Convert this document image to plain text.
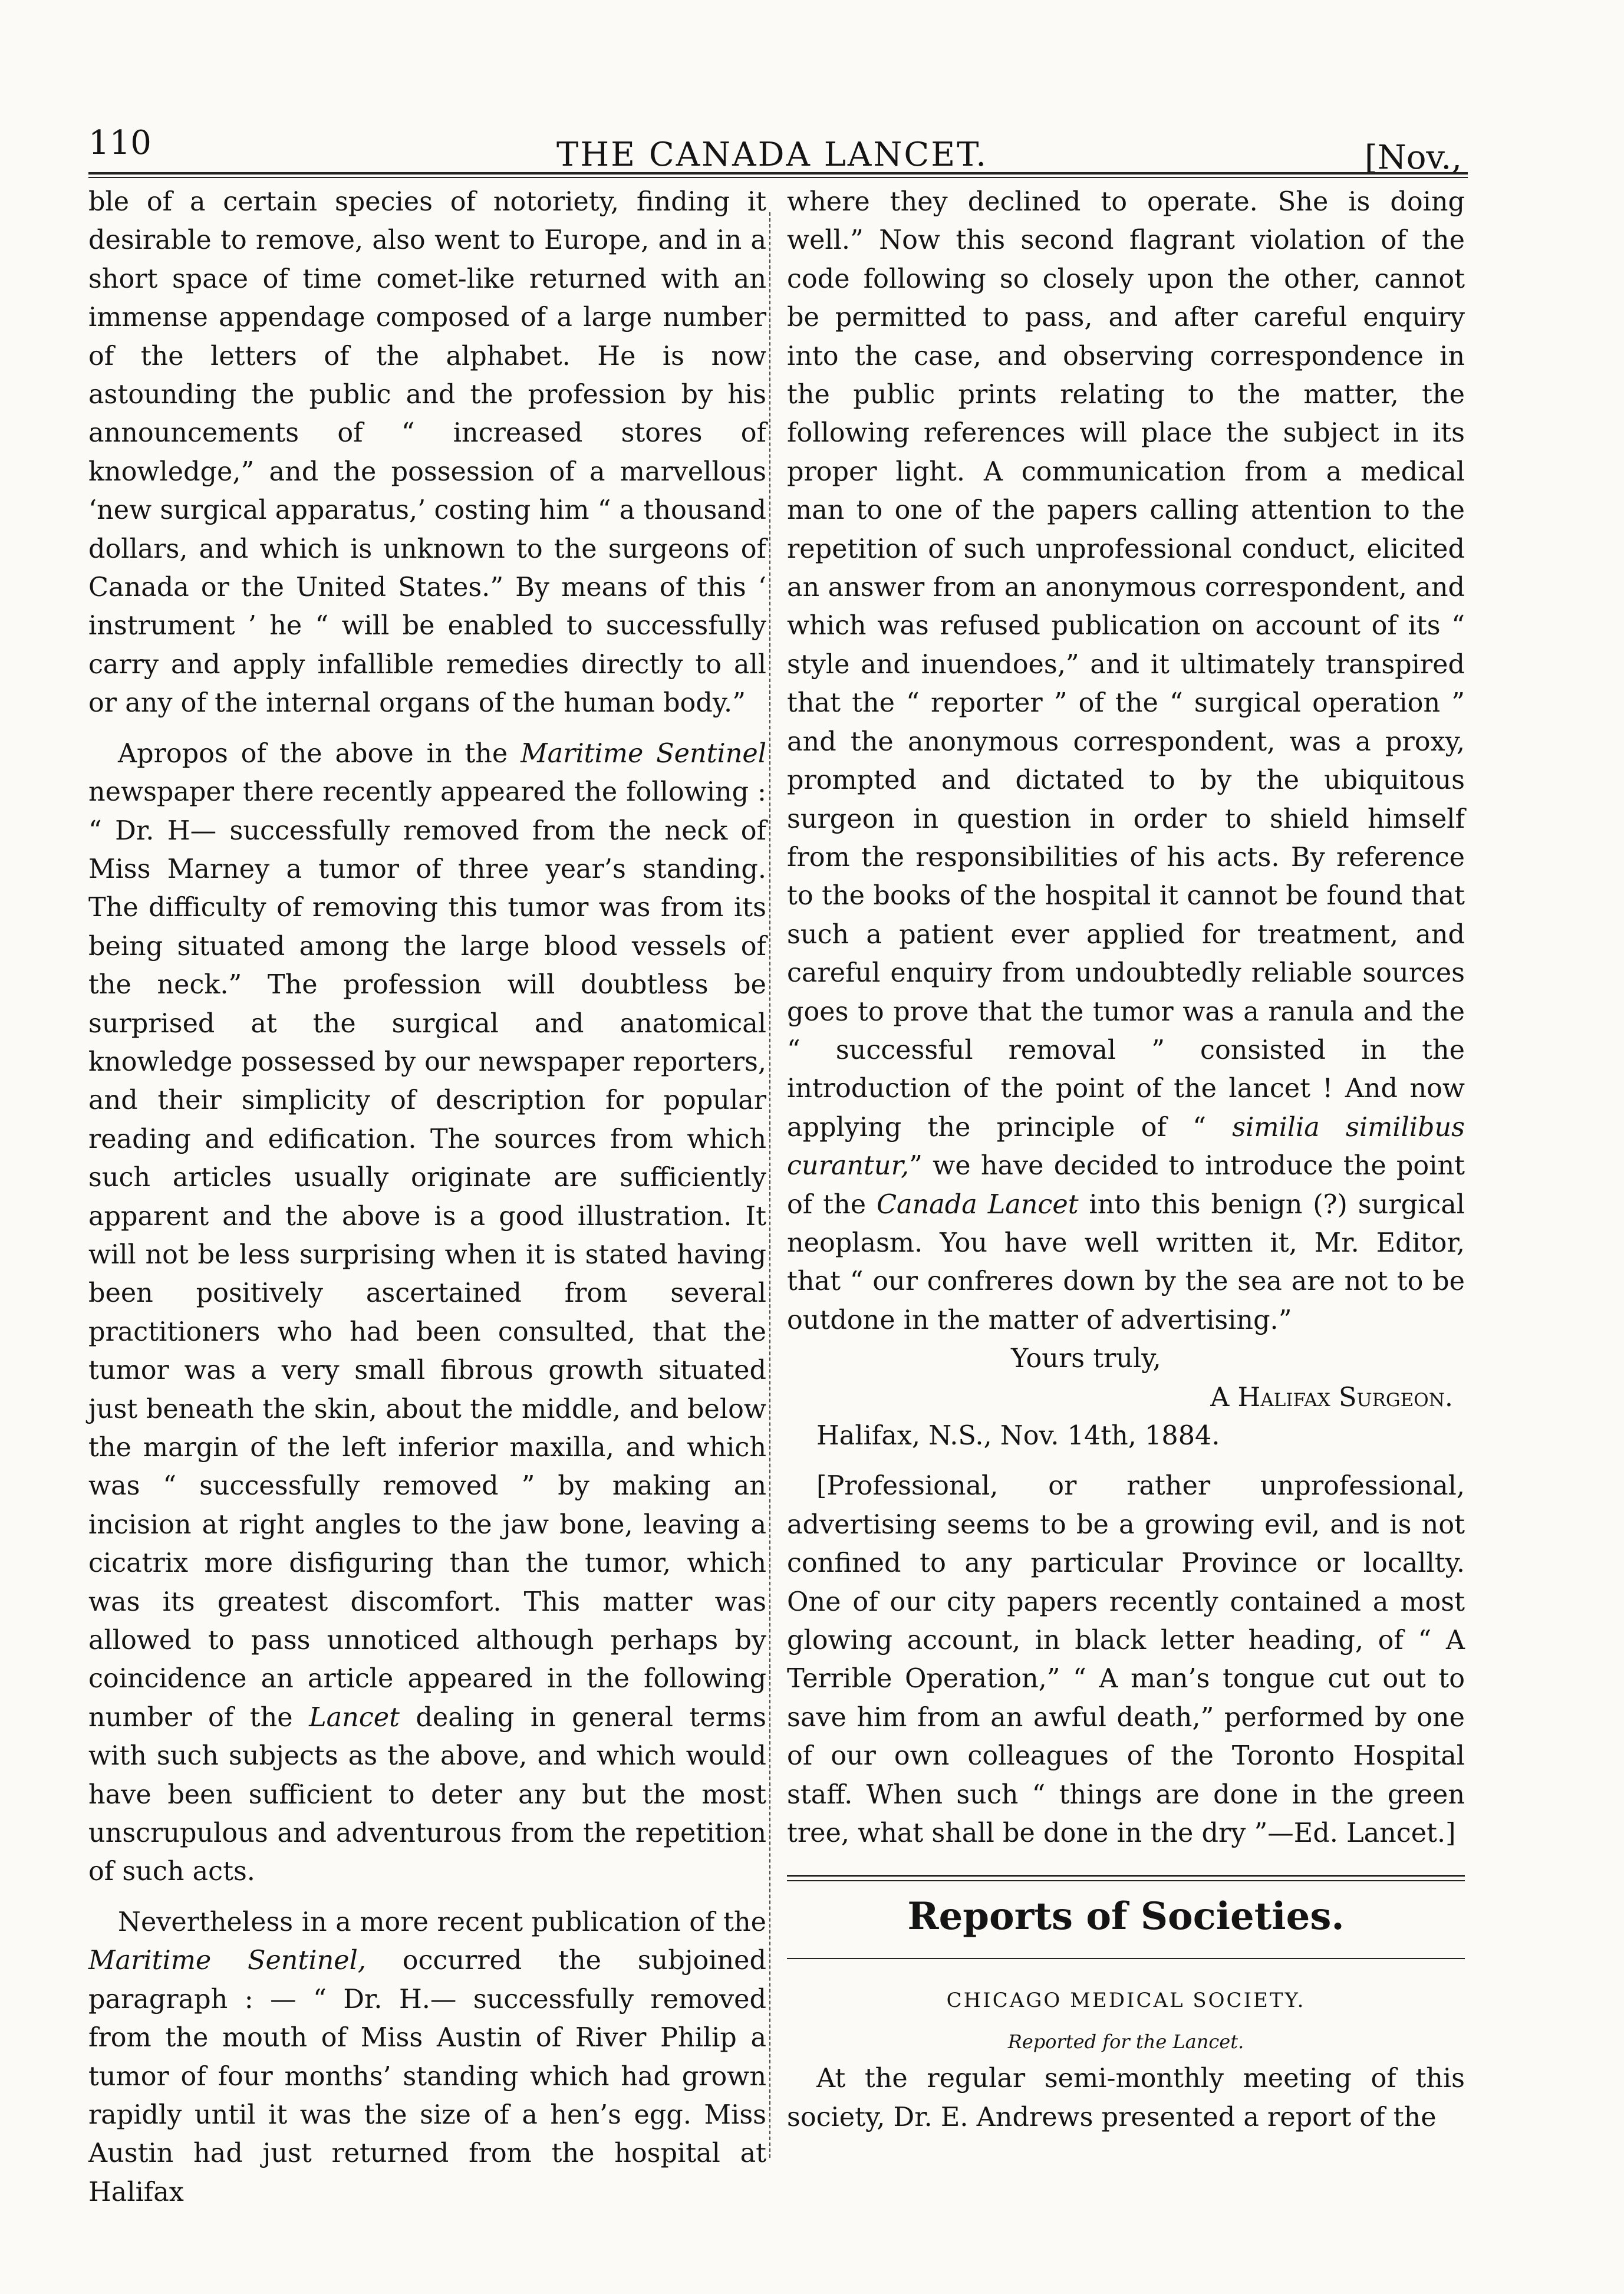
110	THE CANADA LANCET.	[Nov.,

ble of a certain species of notoriety, finding it desirable to remove, also went to Europe, and in a short space of time comet-like returned with an immense appendage composed of a large number of the letters of the alphabet. He is now astounding the public and the profession by his announcements of “ increased stores of knowledge,” and the possession of a marvellous ‘new surgical apparatus,’ costing him “ a thousand dollars, and which is unknown to the surgeons of Canada or the United States.” By means of this ‘ instrument ’ he “ will be enabled to successfully carry and apply infallible remedies directly to all or any of the internal organs of the human body.”

Apropos of the above in the Maritime Sentinel newspaper there recently appeared the following : “ Dr. H— successfully removed from the neck of Miss Marney a tumor of three year’s standing. The difficulty of removing this tumor was from its being situated among the large blood vessels of the neck.” The profession will doubtless be surprised at the surgical and anatomical knowledge possessed by our newspaper reporters, and their simplicity of description for popular reading and edification. The sources from which such articles usually originate are sufficiently apparent and the above is a good illustration. It will not be less surprising when it is stated having been positively ascertained from several practitioners who had been consulted, that the tumor was a very small fibrous growth situated just beneath the skin, about the middle, and below the margin of the left inferior maxilla, and which was “ successfully removed ” by making an incision at right angles to the jaw bone, leaving a cicatrix more disfiguring than the tumor, which was its greatest discomfort. This matter was allowed to pass unnoticed although perhaps by coincidence an article appeared in the following number of the Lancet dealing in general terms with such subjects as the above, and which would have been sufficient to deter any but the most unscrupulous and adventurous from the repetition of such acts.

Nevertheless in a more recent publication of the Maritime Sentinel, occurred the subjoined paragraph : — “ Dr. H.— successfully removed from the mouth of Miss Austin of River Philip a tumor of four months’ standing which had grown rapidly until it was the size of a hen’s egg. Miss Austin had just returned from the hospital at Halifax

where they declined to operate. She is doing well.” Now this second flagrant violation of the code following so closely upon the other, cannot be permitted to pass, and after careful enquiry into the case, and observing correspondence in the public prints relating to the matter, the following references will place the subject in its proper light. A communication from a medical man to one of the papers calling attention to the repetition of such unprofessional conduct, elicited an answer from an anonymous correspondent, and which was refused publication on account of its “ style and inuendoes,” and it ultimately transpired that the “ reporter ” of the “ surgical operation ” and the anonymous correspondent, was a proxy, prompted and dictated to by the ubiquitous surgeon in question in order to shield himself from the responsibilities of his acts. By reference to the books of the hospital it cannot be found that such a patient ever applied for treatment, and careful enquiry from undoubtedly reliable sources goes to prove that the tumor was a ranula and the “ successful removal ” consisted in the introduction of the point of the lancet ! And now applying the principle of “ similia similibus curantur,” we have decided to introduce the point of the Canada Lancet into this benign (?) surgical neoplasm. You have well written it, Mr. Editor, that “ our confreres down by the sea are not to be outdone in the matter of advertising.”

Yours truly,

A Halifax Surgeon.

Halifax, N.S., Nov. 14th, 1884.

[Professional, or rather unprofessional, advertising seems to be a growing evil, and is not confined to any particular Province or locallty. One of our city papers recently contained a most glowing account, in black letter heading, of “ A Terrible Operation,” “ A man’s tongue cut out to save him from an awful death,” performed by one of our own colleagues of the Toronto Hospital staff. When such “ things are done in the green tree, what shall be done in the dry ”—Ed. Lancet.]

Reports of Societies.
CHICAGO MEDICAL SOCIETY.
Reported for the Lancet.

At the regular semi-monthly meeting of this society, Dr. E. Andrews presented a report of the
